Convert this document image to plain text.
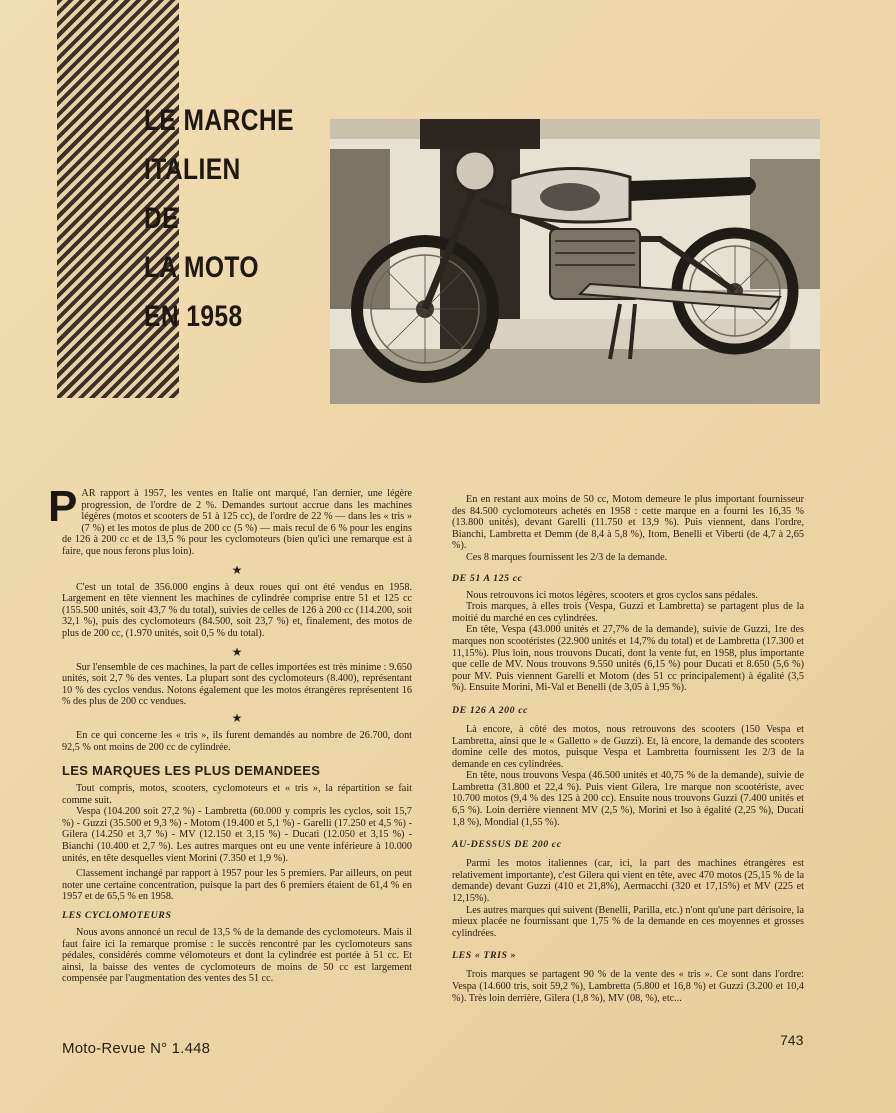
LE MARCHE
ITALIEN
DE
LA MOTO
EN 1958

PAR rapport à 1957, les ventes en Italie ont marqué, l'an dernier, une légère progression, de l'ordre de 2 %. Demandes surtout accrue dans les machines légères (motos et scooters de 51 à 125 cc), de l'ordre de 22 % — dans les « tris » (7 %) et les motos de plus de 200 cc (5 %) — mais recul de 6 % pour les engins de 126 à 200 cc et de 13,5 % pour les cyclomoteurs (bien qu'ici une remarque est à faire, que nous ferons plus loin).

★

C'est un total de 356.000 engins à deux roues qui ont été vendus en 1958. Largement en tête viennent les machines de cylindrée comprise entre 51 et 125 cc (155.500 unités, soit 43,7 % du total), suivies de celles de 126 à 200 cc (114.200, soit 32,1 %), puis des cyclomoteurs (84.500, soit 23,7 %) et, finalement, des motos de plus de 200 cc, (1.970 unités, soit 0,5 % du total).

★

Sur l'ensemble de ces machines, la part de celles importées est très minime : 9.650 unités, soit 2,7 % des ventes. La plupart sont des cyclomoteurs (8.400), représentant 10 % des cyclos vendus. Notons également que les motos étrangères représentent 16 % des plus de 200 cc vendues.

★

En ce qui concerne les « tris », ils furent demandés au nombre de 26.700, dont 92,5 % ont moins de 200 cc de cylindrée.

LES MARQUES LES PLUS DEMANDEES

Tout compris, motos, scooters, cyclomoteurs et « tris », la répartition se fait comme suit.

Vespa (104.200 soit 27,2 %) - Lambretta (60.000 y compris les cyclos, soit 15,7 %) - Guzzi (35.500 et 9,3 %) - Motom (19.400 et 5,1 %) - Garelli (17.250 et 4,5 %) - Gilera (14.250 et 3,7 %) - MV (12.150 et 3,15 %) - Ducati (12.050 et 3,15 %) - Bianchi (10.400 et 2,7 %). Les autres marques ont eu une vente inférieure à 10.000 unités, en tête desquelles vient Morini (7.350 et 1,9 %).

Classement inchangé par rapport à 1957 pour les 5 premiers. Par ailleurs, on peut noter une certaine concentration, puisque la part des 6 premiers étaient de 61,4 % en 1957 et de 65,5 % en 1958.

LES CYCLOMOTEURS

Nous avons annoncé un recul de 13,5 % de la demande des cyclomoteurs. Mais il faut faire ici la remarque promise : le succès rencontré par les cyclomoteurs sans pédales, considérés comme vélomoteurs et dont la cylindrée est portée à 51 cc. Et ainsi, la baisse des ventes de cyclomoteurs de moins de 50 cc est largement compensée par l'augmentation des ventes des 51 cc.

En en restant aux moins de 50 cc, Motom demeure le plus important fournisseur des 84.500 cyclomoteurs achetés en 1958 : cette marque en a fourni les 16,35 % (13.800 unités), devant Garelli (11.750 et 13,9 %). Puis viennent, dans l'ordre, Bianchi, Lambretta et Demm (de 8,4 à 5,8 %), Itom, Benelli et Viberti (de 4,7 à 2,65 %).

Ces 8 marques fournissent les 2/3 de la demande.

DE 51 A 125 cc

Nous retrouvons ici motos légères, scooters et gros cyclos sans pédales.

Trois marques, à elles trois (Vespa, Guzzi et Lambretta) se partagent plus de la moitié du marché en ces cylindrées.

En tête, Vespa (43.000 unités et 27,7% de la demande), suivie de Guzzi, 1re des marques non scootéristes (22.900 unités et 14,7% du total) et de Lambretta (17.300 et 11,15%). Plus loin, nous trouvons Ducati, dont la vente fut, en 1958, plus importante que celle de MV. Nous trouvons 9.550 unités (6,15 %) pour Ducati et 8.650 (5,6 %) pour MV. Puis viennent Garelli et Motom (des 51 cc principalement) à égalité (3,5 %). Ensuite Morini, Mi-Val et Benelli (de 3,05 à 1,95 %).

DE 126 A 200 cc

Là encore, à côté des motos, nous retrouvons des scooters (150 Vespa et Lambretta, ainsi que le « Galletto » de Guzzi). Et, là encore, la demande des scooters domine celle des motos, puisque Vespa et Lambretta fournissent les 2/3 de la demande en ces cylindrées.

En tête, nous trouvons Vespa (46.500 unités et 40,75 % de la demande), suivie de Lambretta (31.800 et 22,4 %). Puis vient Gilera, 1re marque non scootériste, avec 10.700 motos (9,4 % des 125 à 200 cc). Ensuite nous trouvons Guzzi (7.400 unités et 6,5 %). Loin derrière viennent MV (2,5 %), Morini et Iso à égalité (2,25 %), Ducati 1,8 %), Mondial (1,55 %).

AU-DESSUS DE 200 cc

Parmi les motos italiennes (car, ici, la part des machines étrangères est relativement importante), c'est Gilera qui vient en tête, avec 470 motos (25,15 % de la demande) devant Guzzi (410 et 21,8%), Aermacchi (320 et 17,15%) et MV (225 et 12,15%).

Les autres marques qui suivent (Benelli, Parilla, etc.) n'ont qu'une part dérisoire, la mieux placée ne fournissant que 1,75 % de la demande en ces moyennes et grosses cylindrées.

LES « TRIS »

Trois marques se partagent 90 % de la vente des « tris ». Ce sont dans l'ordre: Vespa (14.600 tris, soit 59,2 %), Lambretta (5.800 et 16,8 %) et Guzzi (3.200 et 10,4 %). Très loin derrière, Gilera (1,8 %), MV (08, %), etc...

Moto-Revue N° 1.448	743
